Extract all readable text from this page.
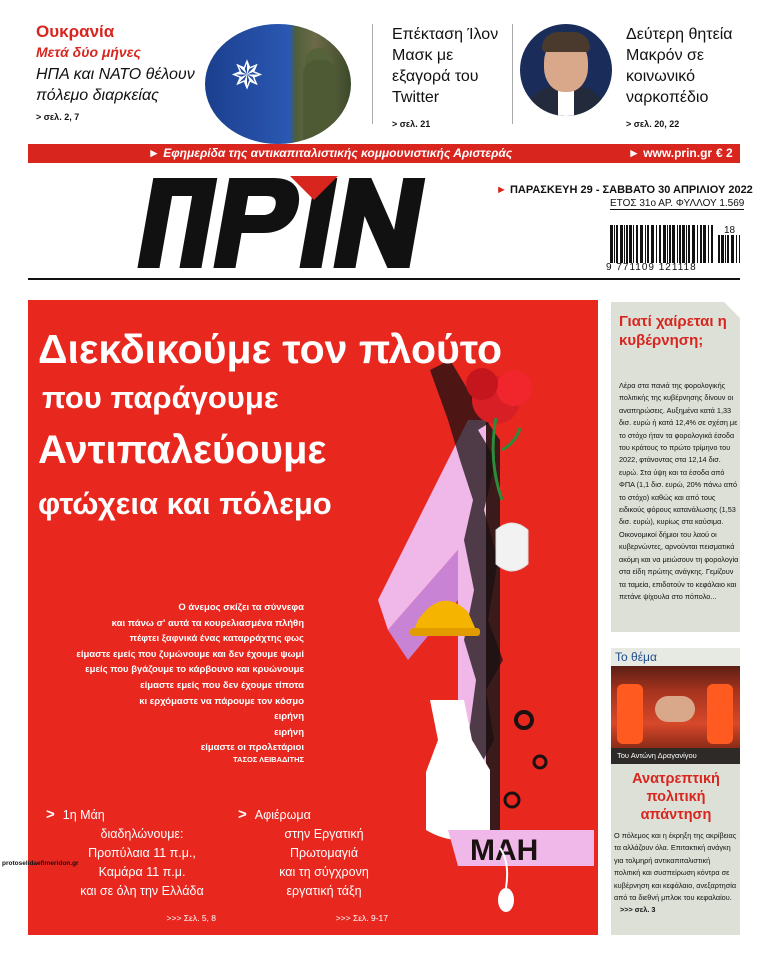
Ουκρανία
Μετά δύο μήνες
ΗΠΑ και ΝΑΤΟ θέλουν πόλεμο διαρκείας
> σελ. 2, 7
✵
Επέκταση Ίλον Μασκ με εξαγορά του Twitter
> σελ. 21
Δεύτερη θητεία Μακρόν σε κοινωνικό ναρκοπέδιο
> σελ. 20, 22
► Εφημερίδα της αντικαπιταλιστικής κομμουνιστικής Αριστεράς	► www.prin.gr € 2
► ΠΑΡΑΣΚΕΥΗ 29 - ΣΑΒΒΑΤΟ 30 ΑΠΡΙΛΙΟΥ 2022
ΕΤΟΣ 31ο ΑΡ. ΦΥΛΛΟΥ 1.569
9 771109 121118
18
ΜΑΗ
Διεκδικούμε τον πλούτο
που παράγουμε
Αντιπαλεύουμε
φτώχεια και πόλεμο
Ο άνεμος σκίζει τα σύννεφα
και πάνω σ' αυτά τα κουρελιασμένα πλήθη
πέφτει ξαφνικά ένας καταρράχτης φως
είμαστε εμείς που ζυμώνουμε και δεν έχουμε ψωμί
εμείς που βγάζουμε το κάρβουνο και κρυώνουμε
είμαστε εμείς που δεν έχουμε τίποτα
κι ερχόμαστε να πάρουμε τον κόσμο
ειρήνη
ειρήνη
είμαστε οι προλετάριοι
ΤΑΣΟΣ ΛΕΙΒΑΔΙΤΗΣ
> 1η Μάη
διαδηλώνουμε:
Προπύλαια 11 π.μ.,
Καμάρα 11 π.μ.
και σε όλη την Ελλάδα
>>> Σελ. 5, 8
> Αφιέρωμα
στην Εργατική
Πρωτομαγιά
και τη σύγχρονη
εργατική τάξη
>>> Σελ. 9-17
protoselidaefimeridon.gr
Γιατί χαίρεται η κυβέρνηση;
Λέρα στα πανιά της φορολογικής πολιτικής της κυβέρνησης δίνουν οι αναπηρώσεις. Αυξημένα κατά 1,33 δισ. ευρώ ή κατά 12,4% σε σχέση με το στόχο ήταν τα φορολογικά έσοδα του κράτους το πρώτο τρίμηνο του 2022, φτάνοντας στα 12,14 δισ. ευρώ. Στα ύψη και τα έσοδα από ΦΠΑ (1,1 δισ. ευρώ, 20% πάνω από το στόχο) καθώς και από τους ειδικούς φόρους κατανάλωσης (1,53 δισ. ευρώ), κυρίως στα καύσιμα. Οικονομικοί δήμιοι του λαού οι κυβερνώντες, αρνούνται πεισματικά ακόμη και να μειώσουν τη φορολογία στα είδη πρώτης ανάγκης. Γεμίζουν τα ταμεία, επιδοτούν το κεφάλαιο και πετάνε ψίχουλα στο πόπολο...
Το θέμα
Του Αντώνη Δραγανίγου
Ανατρεπτική πολιτική απάντηση
Ο πόλεμος και η έκρηξη της ακρίβειας τα αλλάζουν όλα. Επιτακτική ανάγκη για τολμηρή αντικαπιταλιστική πολιτική και συσπείρωση κόντρα σε κυβέρνηση και κεφάλαιο, ανεξαρτησία από τα διεθνή μπλοκ του κεφαλαίου. >>> σελ. 3
